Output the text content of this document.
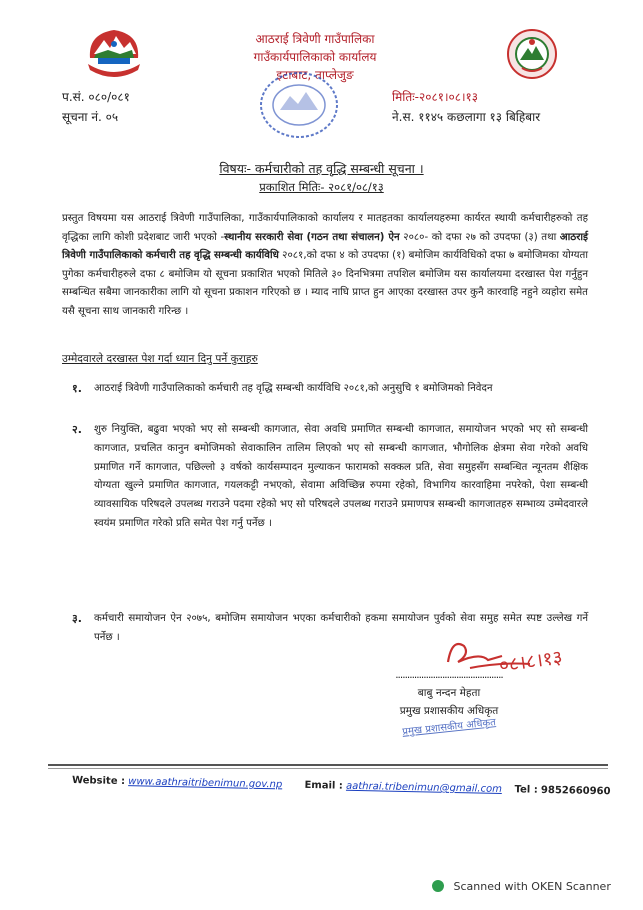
आठराई त्रिवेणी गाउँपालिका
गाउँकार्यपालिकाको कार्यालय
इटाबाट, ताप्लेजुङ
प.सं. ०८०/०८१
सूचना नं. ०५
मितिः-२०८१।०८।१३
ने.स. ११४५ कछलागा १३ बिहिबार
विषयः- कर्मचारीको तह वृद्धि सम्बन्धी सूचना ।
प्रकाशित मितिः- २०८१/०८/१३
प्रस्तुत विषयमा यस आठराई त्रिवेणी गाउँपालिका, गाउँकार्यपालिकाको कार्यालय र मातहतका कार्यालयहरुमा कार्यरत स्थायी कर्मचारीहरुको तह वृद्धिका लागि कोशी प्रदेशबाट जारी भएको -स्थानीय सरकारी सेवा (गठन तथा संचालन) ऐन २०८०- को दफा २७ को उपदफा (३) तथा आठराई त्रिवेणी गाउँपालिकाको कर्मचारी तह वृद्धि सम्बन्धी कार्यविधि २०८१,को दफा ४ को उपदफा (१) बमोजिम कार्यविधिको दफा ७ बमोजिमका योग्यता पुगेका कर्मचारीहरुले दफा ८ बमोजिम यो सूचना प्रकाशित भएको मितिले ३० दिनभित्रमा तपशिल बमोजिम यस कार्यालयमा दरखास्त पेश गर्नुहुन सम्बन्धित सबैमा जानकारीका लागि यो सूचना प्रकाशन गरिएको छ । म्याद नाघि प्राप्त हुन आएका दरखास्त उपर कुनै कारवाहि नहुने व्यहोरा समेत यसै सूचना साथ जानकारी गरिन्छ ।
उम्मेदवारले दरखास्त पेश गर्दा ध्यान दिनु पर्ने कुराहरु
१. आठराई त्रिवेणी गाउँपालिकाको कर्मचारी तह वृद्धि सम्बन्धी कार्यविधि २०८१,को अनुसुचि १ बमोजिमको निवेदन
२. शुरु नियुक्ति, बढुवा भएको भए सो सम्बन्धी कागजात, सेवा अवधि प्रमाणित सम्बन्धी कागजात, समायोजन भएको भए सो सम्बन्धी कागजात, प्रचलित कानुन बमोजिमको सेवाकालिन तालिम लिएको भए सो सम्बन्धी कागजात, भौगोलिक क्षेत्रमा सेवा गरेको अवधि प्रमाणित गर्ने कागजात, पछिल्लो ३ वर्षको कार्यसम्पादन मुल्याकन फारामको सक्कल प्रति, सेवा समुहसँग सम्बन्धित न्यूनतम शैक्षिक योग्यता खुल्ने प्रमाणित कागजात, गयलकट्टी नभएको, सेवामा अविच्छिन्न रुपमा रहेको, विभागिय कारवाहिमा नपरेको, पेशा सम्बन्धी व्यावसायिक परिषदले उपलब्ध गराउने पदमा रहेको भए सो परिषदले उपलब्ध गराउने प्रमाणपत्र सम्बन्धी कागजातहरु सम्भाव्य उम्मेदवारले स्वयंम प्रमाणित गरेको प्रति समेत पेश गर्नु पर्नेछ ।
३. कर्मचारी समायोजन ऐन २०७५, बमोजिम समायोजन भएका कर्मचारीको हकमा समायोजन पुर्वको सेवा समुह समेत स्पष्ट उल्लेख गर्ने पर्नेछ ।
०८।८।१३
..............................................
बाबु नन्दन मेहता
प्रमुख प्रशासकीय अधिकृत
प्रमुख प्रशासकीय अधिकृत
Website : www.aathraitribenimun.gov.np Email : aathrai.tribenimun@gmail.com Tel : 9852660960
Scanned with OKEN Scanner
